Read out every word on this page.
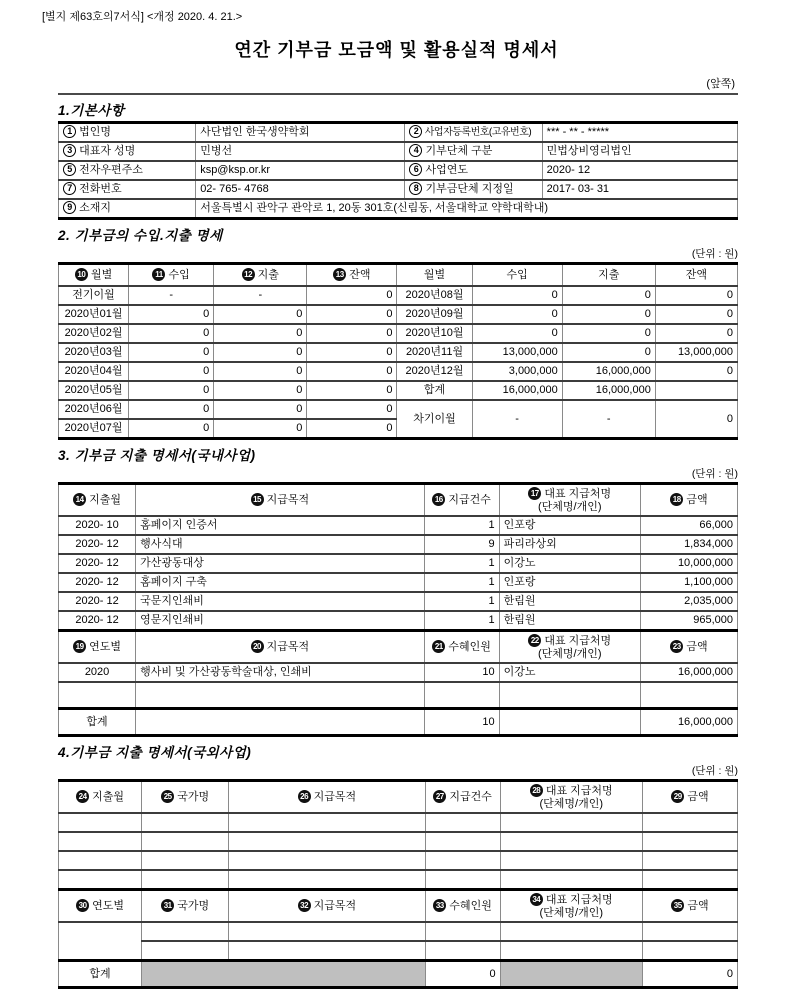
[별지 제63호의7서식] <개정 2020. 4. 21.>
연간 기부금 모금액 및 활용실적 명세서
(앞쪽)
1.기본사항
1 법인명	사단법인 한국생약학회	2 사업자등록번호(고유번호)	*** - ** - *****
3 대표자 성명	민병선	4 기부단체 구분	민법상비영리법인
5 전자우편주소	ksp@ksp.or.kr	6 사업연도	2020- 12
7 전화번호	02- 765- 4768	8 기부금단체 지정일	2017- 03- 31
9 소재지	서울특별시 관악구 관악로 1, 20동 301호(신림동, 서울대학교 약학대학내)		
2. 기부금의 수입.지출 명세
(단위 : 원)
10 월별	11 수입	12 지출	13 잔액	월별	수입	지출	잔액
전기이월	-	-	0	2020년08월	0	0	0
2020년01월	0	0	0	2020년09월	0	0	0
2020년02월	0	0	0	2020년10월	0	0	0
2020년03월	0	0	0	2020년11월	13,000,000	0	13,000,000
2020년04월	0	0	0	2020년12월	3,000,000	16,000,000	0
2020년05월	0	0	0	합계	16,000,000	16,000,000	
2020년06월	0	0	0	차기이월	-	-	0
2020년07월	0	0	0				
3. 기부금 지출 명세서(국내사업)
(단위 : 원)
14 지출월	15 지급목적	16 지급건수	17 대표 지급처명
(단체명/개인)	18 금액
2020- 10	홈페이지 인증서	1	인포랑	66,000
2020- 12	행사식대	9	파리라상외	1,834,000
2020- 12	가산광동대상	1	이강노	10,000,000
2020- 12	홈페이지 구축	1	인포랑	1,100,000
2020- 12	국문지인쇄비	1	한림원	2,035,000
2020- 12	영문지인쇄비	1	한림원	965,000
19 연도별	20 지급목적	21 수혜인원	22 대표 지급처명
(단체명/개인)	23 금액
2020	행사비 및 가산광동학술대상, 인쇄비	10	이강노	16,000,000

합계		10		16,000,000
4.기부금 지출 명세서(국외사업)
(단위 : 원)
24 지출월	25 국가명	26 지급목적	27 지급건수	28 대표 지급처명
(단체명/개인)	29 금액

30 연도별	31 국가명	32 지급목적	33 수혜인원	34 대표 지급처명
(단체명/개인)	35 금액

합계			0		0
